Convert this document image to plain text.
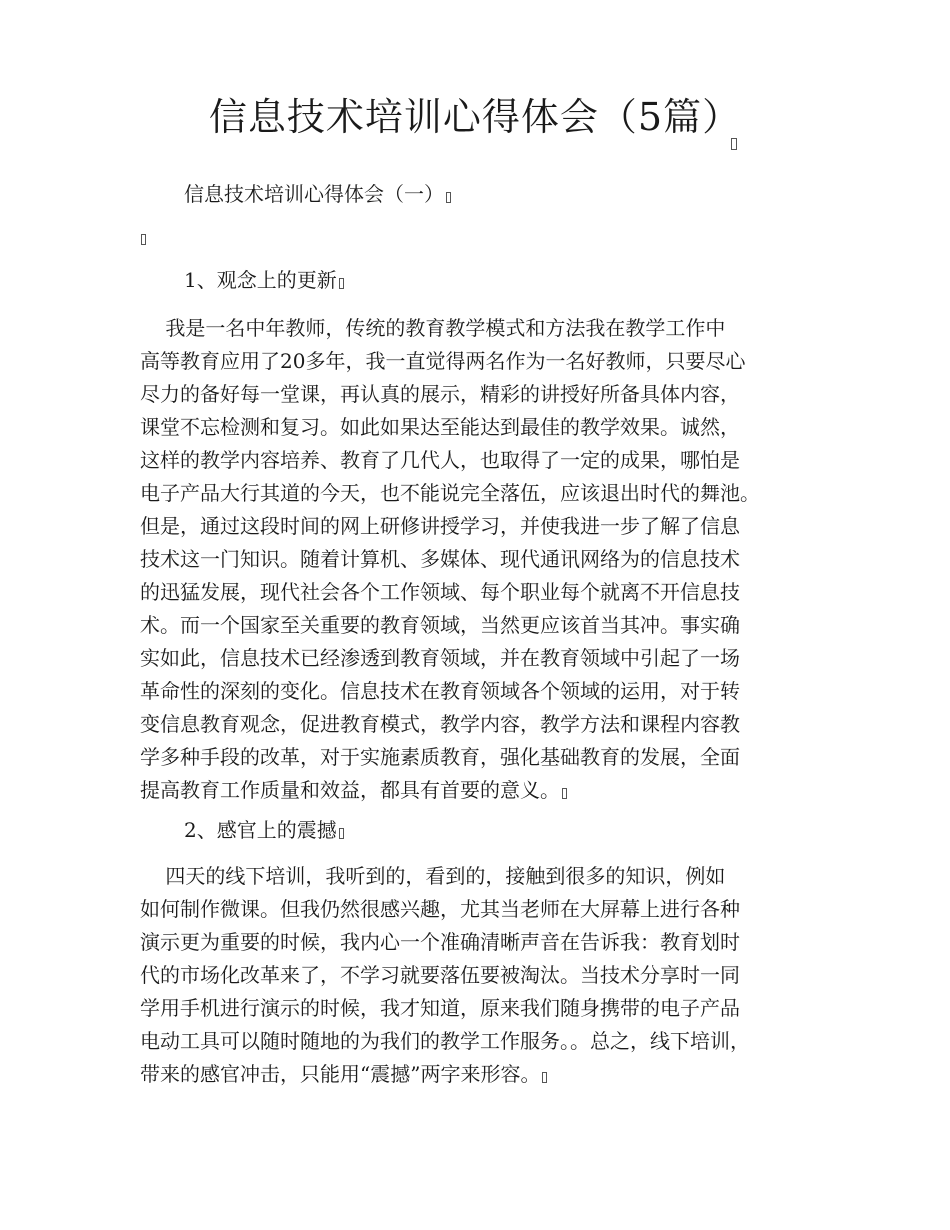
信息技术培训心得体会（5篇）
信息技术培训心得体会（一）
1、观念上的更新
我是一名中年教师，传统的教育教学模式和方法我在教学工作中
高等教育应用了20多年，我一直觉得两名作为一名好教师，只要尽心
尽力的备好每一堂课，再认真的展示，精彩的讲授好所备具体内容，
课堂不忘检测和复习。如此如果达至能达到最佳的教学效果。诚然，
这样的教学内容培养、教育了几代人，也取得了一定的成果，哪怕是
电子产品大行其道的今天，也不能说完全落伍，应该退出时代的舞池。
但是，通过这段时间的网上研修讲授学习，并使我进一步了解了信息
技术这一门知识。随着计算机、多媒体、现代通讯网络为的信息技术
的迅猛发展，现代社会各个工作领域、每个职业每个就离不开信息技
术。而一个国家至关重要的教育领域，当然更应该首当其冲。事实确
实如此，信息技术已经渗透到教育领域，并在教育领域中引起了一场
革命性的深刻的变化。信息技术在教育领域各个领域的运用，对于转
变信息教育观念，促进教育模式，教学内容，教学方法和课程内容教
学多种手段的改革，对于实施素质教育，强化基础教育的发展，全面
提高教育工作质量和效益，都具有首要的意义。
2、感官上的震撼
四天的线下培训，我听到的，看到的，接触到很多的知识，例如
如何制作微课。但我仍然很感兴趣，尤其当老师在大屏幕上进行各种
演示更为重要的时候，我内心一个准确清晰声音在告诉我：教育划时
代的市场化改革来了，不学习就要落伍要被淘汰。当技术分享时一同
学用手机进行演示的时候，我才知道，原来我们随身携带的电子产品
电动工具可以随时随地的为我们的教学工作服务。。总之，线下培训，
带来的感官冲击，只能用“震撼”两字来形容。
